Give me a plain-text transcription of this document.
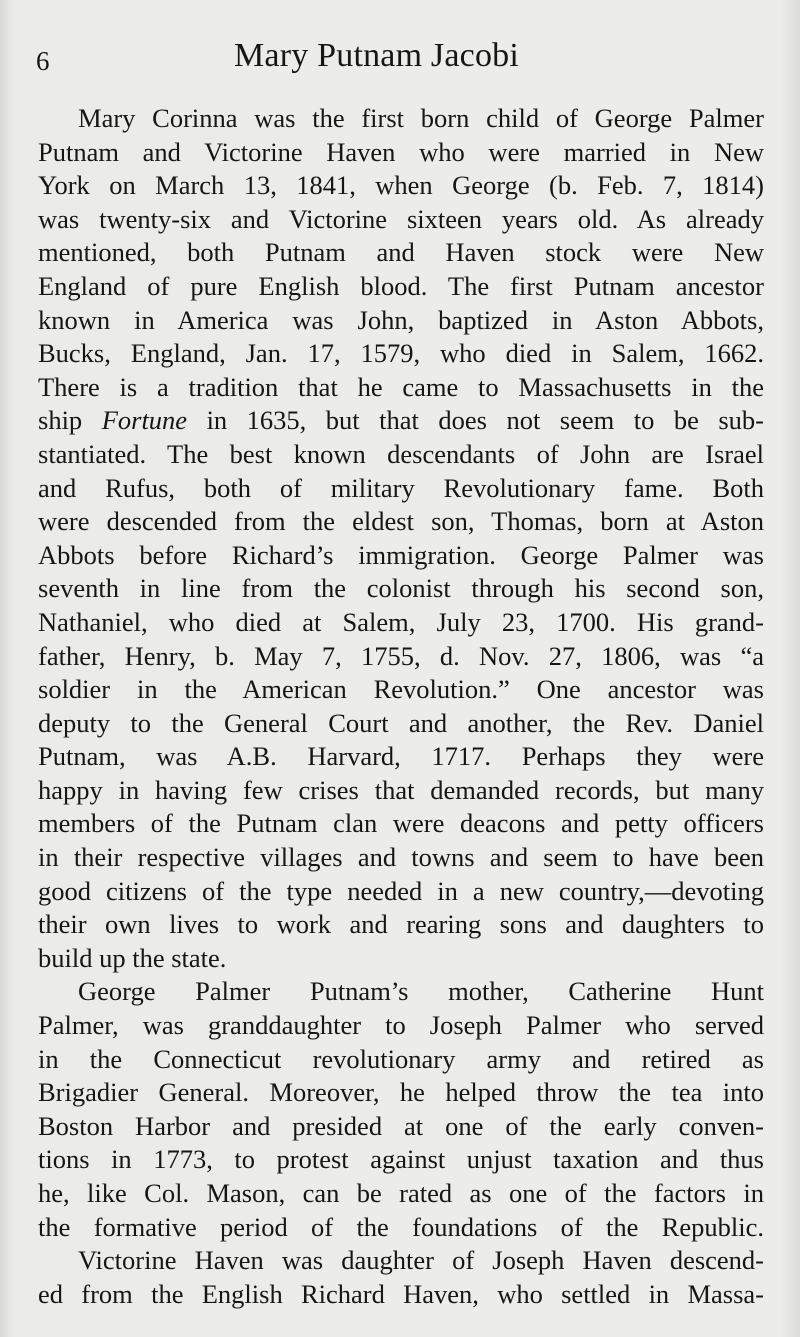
6	Mary Putnam Jacobi
Mary Corinna was the first born child of George Palmer
Putnam and Victorine Haven who were married in New
York on March 13, 1841, when George (b. Feb. 7, 1814)
was twenty-six and Victorine sixteen years old. As already
mentioned, both Putnam and Haven stock were New
England of pure English blood. The first Putnam ancestor
known in America was John, baptized in Aston Abbots,
Bucks, England, Jan. 17, 1579, who died in Salem, 1662.
There is a tradition that he came to Massachusetts in the
ship Fortune in 1635, but that does not seem to be sub-
stantiated. The best known descendants of John are Israel
and Rufus, both of military Revolutionary fame. Both
were descended from the eldest son, Thomas, born at Aston
Abbots before Richard’s immigration. George Palmer was
seventh in line from the colonist through his second son,
Nathaniel, who died at Salem, July 23, 1700. His grand-
father, Henry, b. May 7, 1755, d. Nov. 27, 1806, was “a
soldier in the American Revolution.” One ancestor was
deputy to the General Court and another, the Rev. Daniel
Putnam, was A.B. Harvard, 1717. Perhaps they were
happy in having few crises that demanded records, but many
members of the Putnam clan were deacons and petty officers
in their respective villages and towns and seem to have been
good citizens of the type needed in a new country,—devoting
their own lives to work and rearing sons and daughters to
build up the state.
George Palmer Putnam’s mother, Catherine Hunt
Palmer, was granddaughter to Joseph Palmer who served
in the Connecticut revolutionary army and retired as
Brigadier General. Moreover, he helped throw the tea into
Boston Harbor and presided at one of the early conven-
tions in 1773, to protest against unjust taxation and thus
he, like Col. Mason, can be rated as one of the factors in
the formative period of the foundations of the Republic.
Victorine Haven was daughter of Joseph Haven descend-
ed from the English Richard Haven, who settled in Massa-
